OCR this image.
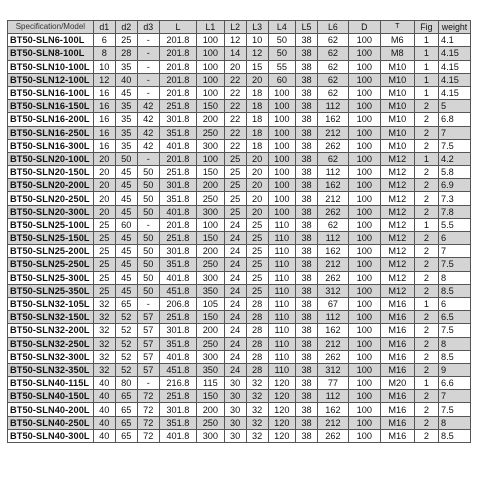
Specification/Model	d1	d2	d3	L	L1	L2	L3	L4	L5	L6	D	T	Fig	weight
BT50-SLN6-100L	6	25	-	201.8	100	12	10	50	38	62	100	M6	1	4.1
BT50-SLN8-100L	8	28	-	201.8	100	14	12	50	38	62	100	M8	1	4.15
BT50-SLN10-100L	10	35	-	201.8	100	20	15	55	38	62	100	M10	1	4.15
BT50-SLN12-100L	12	40	-	201.8	100	22	20	60	38	62	100	M10	1	4.15
BT50-SLN16-100L	16	45	-	201.8	100	22	18	100	38	62	100	M10	1	4.15
BT50-SLN16-150L	16	35	42	251.8	150	22	18	100	38	112	100	M10	2	5
BT50-SLN16-200L	16	35	42	301.8	200	22	18	100	38	162	100	M10	2	6.8
BT50-SLN16-250L	16	35	42	351.8	250	22	18	100	38	212	100	M10	2	7
BT50-SLN16-300L	16	35	42	401.8	300	22	18	100	38	262	100	M10	2	7.5
BT50-SLN20-100L	20	50	-	201.8	100	25	20	100	38	62	100	M12	1	4.2
BT50-SLN20-150L	20	45	50	251.8	150	25	20	100	38	112	100	M12	2	5.8
BT50-SLN20-200L	20	45	50	301.8	200	25	20	100	38	162	100	M12	2	6.9
BT50-SLN20-250L	20	45	50	351.8	250	25	20	100	38	212	100	M12	2	7.3
BT50-SLN20-300L	20	45	50	401.8	300	25	20	100	38	262	100	M12	2	7.8
BT50-SLN25-100L	25	60	-	201.8	100	24	25	110	38	62	100	M12	1	5.5
BT50-SLN25-150L	25	45	50	251.8	150	24	25	110	38	112	100	M12	2	6
BT50-SLN25-200L	25	45	50	301.8	200	24	25	110	38	162	100	M12	2	7
BT50-SLN25-250L	25	45	50	351.8	250	24	25	110	38	212	100	M12	2	7.5
BT50-SLN25-300L	25	45	50	401.8	300	24	25	110	38	262	100	M12	2	8
BT50-SLN25-350L	25	45	50	451.8	350	24	25	110	38	312	100	M12	2	8.5
BT50-SLN32-105L	32	65	-	206.8	105	24	28	110	38	67	100	M16	1	6
BT50-SLN32-150L	32	52	57	251.8	150	24	28	110	38	112	100	M16	2	6.5
BT50-SLN32-200L	32	52	57	301.8	200	24	28	110	38	162	100	M16	2	7.5
BT50-SLN32-250L	32	52	57	351.8	250	24	28	110	38	212	100	M16	2	8
BT50-SLN32-300L	32	52	57	401.8	300	24	28	110	38	262	100	M16	2	8.5
BT50-SLN32-350L	32	52	57	451.8	350	24	28	110	38	312	100	M16	2	9
BT50-SLN40-115L	40	80	-	216.8	115	30	32	120	38	77	100	M20	1	6.6
BT50-SLN40-150L	40	65	72	251.8	150	30	32	120	38	112	100	M16	2	7
BT50-SLN40-200L	40	65	72	301.8	200	30	32	120	38	162	100	M16	2	7.5
BT50-SLN40-250L	40	65	72	351.8	250	30	32	120	38	212	100	M16	2	8
BT50-SLN40-300L	40	65	72	401.8	300	30	32	120	38	262	100	M16	2	8.5
